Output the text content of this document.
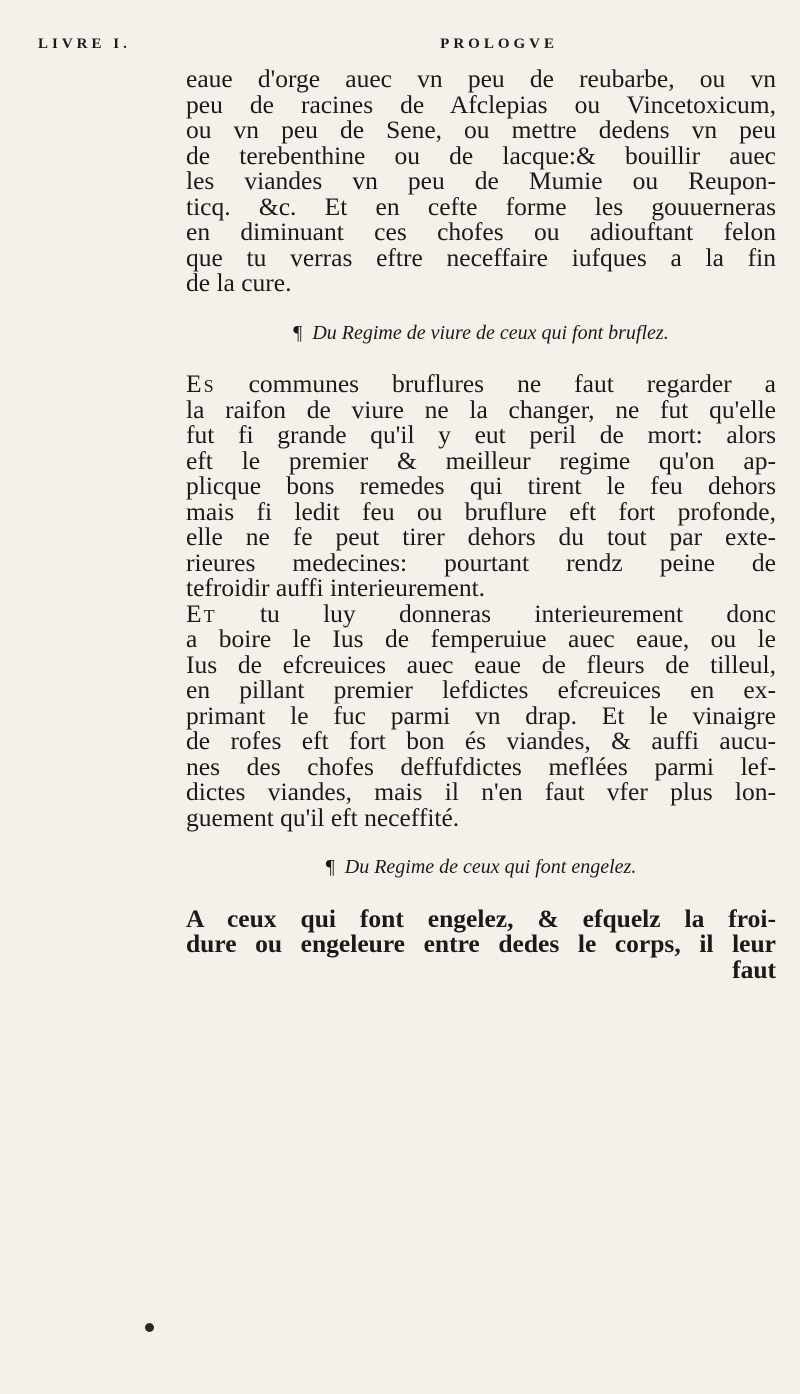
LIVRE I.	PROLOGVE
eaue d'orge auec vn peu de reubarbe, ou vn
peu de racines de Afclepias ou Vincetoxicum,
ou vn peu de Sene, ou mettre dedens vn peu
de terebenthine ou de lacque:& bouillir auec
les viandes vn peu de Mumie ou Reupon-
ticq. &c. Et en cefte forme les gouuerneras
en diminuant ces chofes ou adiouftant felon
que tu verras eftre neceffaire iufques a la fin
de la cure.
¶ Du Regime de viure de ceux qui font bruflez.
Es communes bruflures ne faut regarder a
la raifon de viure ne la changer, ne fut qu'elle
fut fi grande qu'il y eut peril de mort: alors
eft le premier & meilleur regime qu'on ap-
plicque bons remedes qui tirent le feu dehors
mais fi ledit feu ou bruflure eft fort profonde,
elle ne fe peut tirer dehors du tout par exte-
rieures medecines: pourtant rendz peine de
tefroidir auffi interieurement.
Et tu luy donneras interieurement donc
a boire le Ius de femperuiue auec eaue, ou le
Ius de efcreuices auec eaue de fleurs de tilleul,
en pillant premier lefdictes efcreuices en ex-
primant le fuc parmi vn drap. Et le vinaigre
de rofes eft fort bon és viandes, & auffi aucu-
nes des chofes deffufdictes meflées parmi lef-
dictes viandes, mais il n'en faut vfer plus lon-
guement qu'il eft neceffité.
¶ Du Regime de ceux qui font engelez.
A ceux qui font engelez, & efquelz la froi-
dure ou engeleure entre dedes le corps, il leur
faut
